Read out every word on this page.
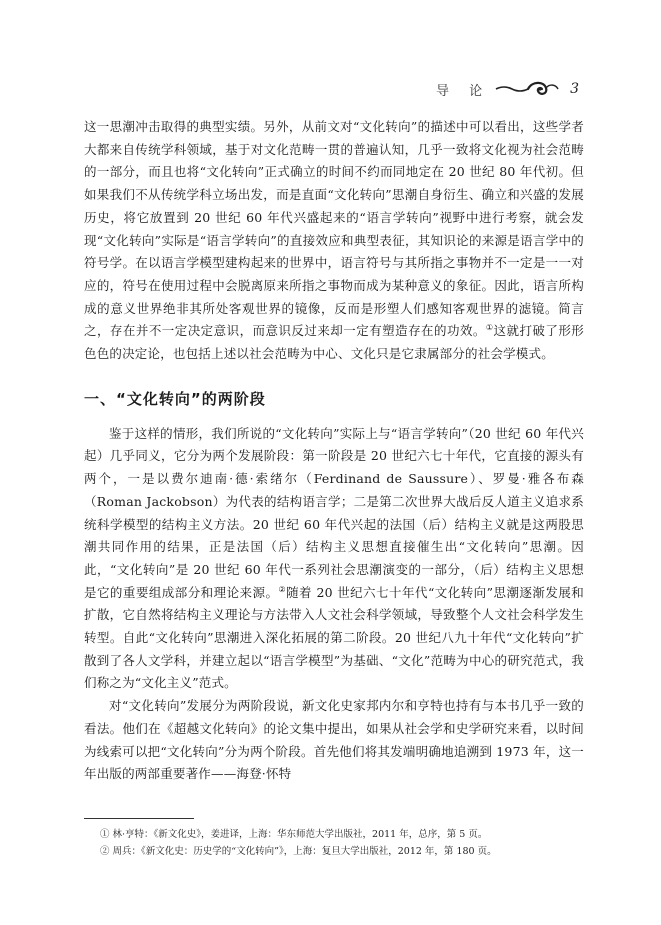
导 论	3

这一思潮冲击取得的典型实绩。另外，从前文对“文化转向”的描述中可以看出，这些学者大都来自传统学科领域，基于对文化范畴一贯的普遍认知，几乎一致将文化视为社会范畴的一部分，而且也将“文化转向”正式确立的时间不约而同地定在 20 世纪 80 年代初。但如果我们不从传统学科立场出发，而是直面“文化转向”思潮自身衍生、确立和兴盛的发展历史，将它放置到 20 世纪 60 年代兴盛起来的“语言学转向”视野中进行考察，就会发现“文化转向”实际是“语言学转向”的直接效应和典型表征，其知识论的来源是语言学中的符号学。在以语言学模型建构起来的世界中，语言符号与其所指之事物并不一定是一一对应的，符号在使用过程中会脱离原来所指之事物而成为某种意义的象征。因此，语言所构成的意义世界绝非其所处客观世界的镜像，反而是形塑人们感知客观世界的滤镜。简言之，存在并不一定决定意识，而意识反过来却一定有塑造存在的功效。①这就打破了形形色色的决定论，也包括上述以社会范畴为中心、文化只是它隶属部分的社会学模式。

一、“文化转向”的两阶段

鉴于这样的情形，我们所说的“文化转向”实际上与“语言学转向”（20 世纪 60 年代兴起）几乎同义，它分为两个发展阶段：第一阶段是 20 世纪六七十年代，它直接的源头有两个，一是以费尔迪南·德·索绪尔（Ferdinand de Saussure）、罗曼·雅各布森（Roman Jackobson）为代表的结构语言学；二是第二次世界大战后反人道主义追求系统科学模型的结构主义方法。20 世纪 60 年代兴起的法国（后）结构主义就是这两股思潮共同作用的结果，正是法国（后）结构主义思想直接催生出“文化转向”思潮。因此，“文化转向”是 20 世纪 60 年代一系列社会思潮演变的一部分，（后）结构主义思想是它的重要组成部分和理论来源。②随着 20 世纪六七十年代“文化转向”思潮逐渐发展和扩散，它自然将结构主义理论与方法带入人文社会科学领域，导致整个人文社会科学发生转型。自此“文化转向”思潮进入深化拓展的第二阶段。20 世纪八九十年代“文化转向”扩散到了各人文学科，并建立起以“语言学模型”为基础、“文化”范畴为中心的研究范式，我们称之为“文化主义”范式。

对“文化转向”发展分为两阶段说，新文化史家邦内尔和亨特也持有与本书几乎一致的看法。他们在《超越文化转向》的论文集中提出，如果从社会学和史学研究来看，以时间为线索可以把“文化转向”分为两个阶段。首先他们将其发端明确地追溯到 1973 年，这一年出版的两部重要著作——海登·怀特

① 林·亨特：《新文化史》，姜进译，上海：华东师范大学出版社，2011 年，总序，第 5 页。
② 周兵：《新文化史：历史学的“文化转向”》，上海：复旦大学出版社，2012 年，第 180 页。
